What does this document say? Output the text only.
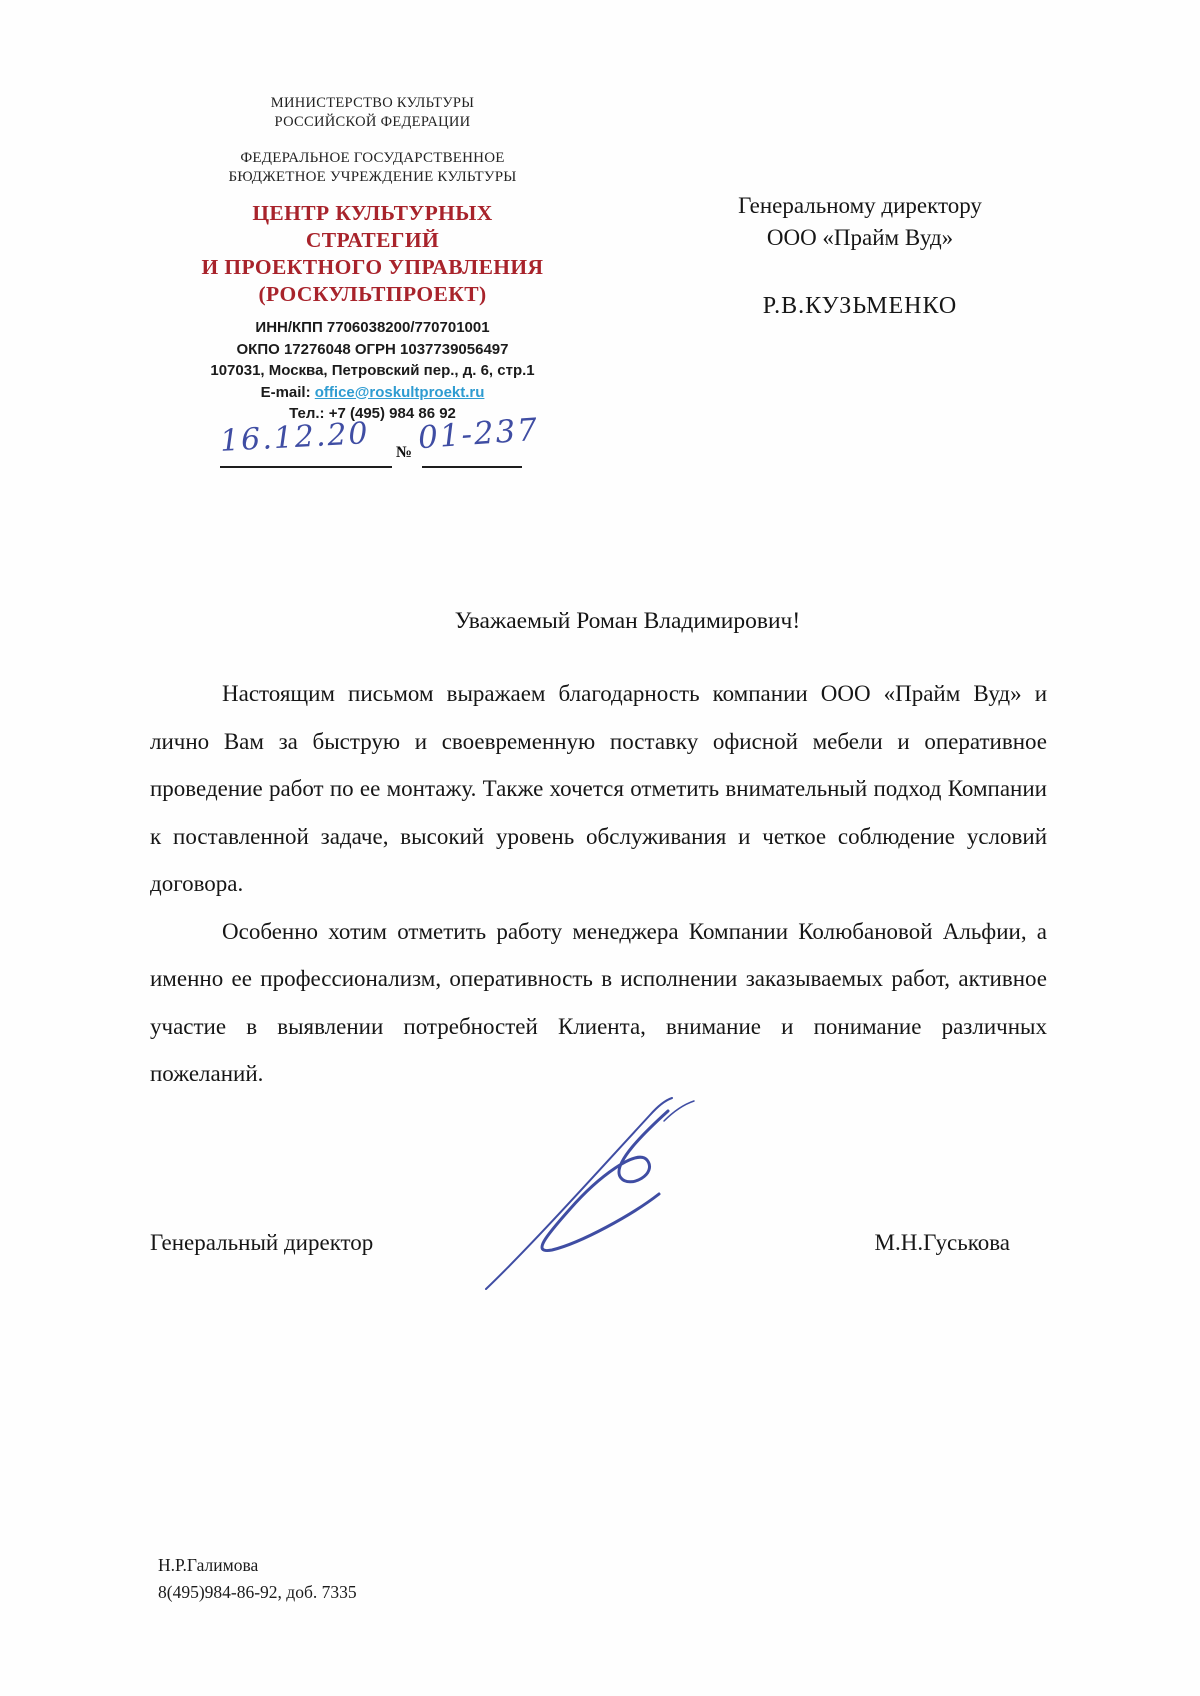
МИНИСТЕРСТВО КУЛЬТУРЫ
РОССИЙСКОЙ ФЕДЕРАЦИИ
ФЕДЕРАЛЬНОЕ ГОСУДАРСТВЕННОЕ
БЮДЖЕТНОЕ УЧРЕЖДЕНИЕ КУЛЬТУРЫ
ЦЕНТР КУЛЬТУРНЫХ
СТРАТЕГИЙ
И ПРОЕКТНОГО УПРАВЛЕНИЯ
(РОСКУЛЬТПРОЕКТ)
ИНН/КПП 7706038200/770701001
ОКПО 17276048 ОГРН 1037739056497
107031, Москва, Петровский пер., д. 6, стр.1
E-mail: office@roskultproekt.ru
Тел.: +7 (495) 984 86 92
16.12.20 № 01-237
Генеральному директору
ООО «Прайм Вуд»
Р.В.КУЗЬМЕНКО
Уважаемый Роман Владимирович!

Настоящим письмом выражаем благодарность компании ООО «Прайм Вуд» и лично Вам за быструю и своевременную поставку офисной мебели и оперативное проведение работ по ее монтажу. Также хочется отметить внимательный подход Компании к поставленной задаче, высокий уровень обслуживания и четкое соблюдение условий договора.

Особенно хотим отметить работу менеджера Компании Колюбановой Альфии, а именно ее профессионализм, оперативность в исполнении заказываемых работ, активное участие в выявлении потребностей Клиента, внимание и понимание различных пожеланий.

Генеральный директор	М.Н.Гуськова
Н.Р.Галимова
8(495)984-86-92, доб. 7335
